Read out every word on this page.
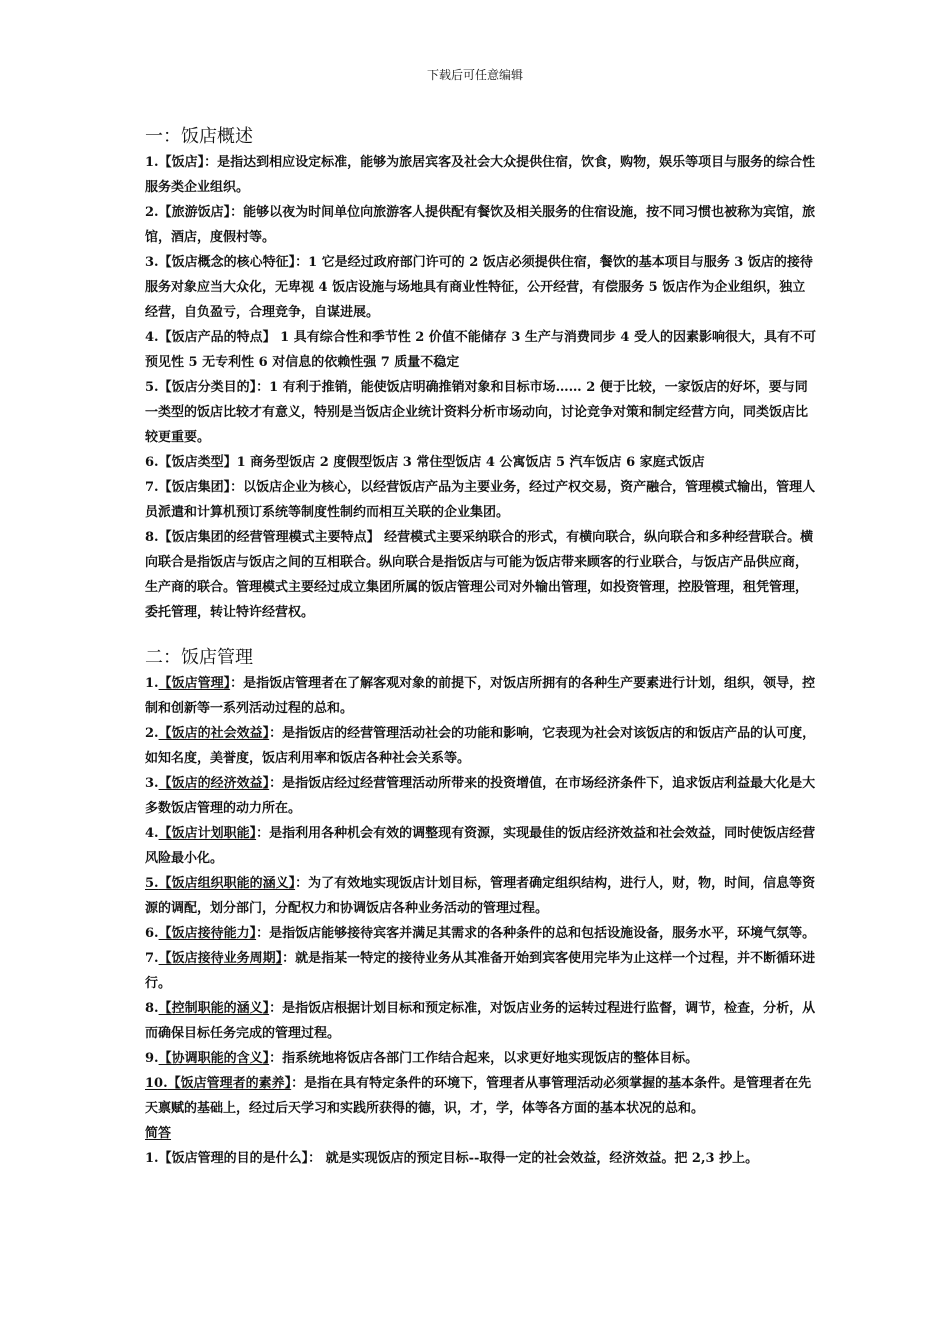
下载后可任意编辑
一：饭店概述

1.【饭店】：是指达到相应设定标准，能够为旅居宾客及社会大众提供住宿，饮食，购物，娱乐等项目与服务的综合性服务类企业组织。

2.【旅游饭店】：能够以夜为时间单位向旅游客人提供配有餐饮及相关服务的住宿设施，按不同习惯也被称为宾馆，旅馆，酒店，度假村等。

3.【饭店概念的核心特征】：1 它是经过政府部门许可的 2 饭店必须提供住宿，餐饮的基本项目与服务 3 饭店的接待服务对象应当大众化，无卑视 4 饭店设施与场地具有商业性特征，公开经营，有偿服务 5 饭店作为企业组织，独立经营，自负盈亏，合理竞争，自谋进展。

4.【饭店产品的特点】 1 具有综合性和季节性 2 价值不能储存 3 生产与消费同步 4 受人的因素影响很大，具有不可预见性 5 无专利性 6 对信息的依赖性强 7 质量不稳定

5.【饭店分类目的】：1 有利于推销，能使饭店明确推销对象和目标市场…… 2 便于比较，一家饭店的好坏，要与同一类型的饭店比较才有意义，特别是当饭店企业统计资料分析市场动向，讨论竞争对策和制定经营方向，同类饭店比较更重要。

6.【饭店类型】1 商务型饭店 2 度假型饭店 3 常住型饭店 4 公寓饭店 5 汽车饭店 6 家庭式饭店

7.【饭店集团】：以饭店企业为核心，以经营饭店产品为主要业务，经过产权交易，资产融合，管理模式输出，管理人员派遣和计算机预订系统等制度性制约而相互关联的企业集团。

8.【饭店集团的经营管理模式主要特点】 经营模式主要采纳联合的形式，有横向联合，纵向联合和多种经营联合。横向联合是指饭店与饭店之间的互相联合。纵向联合是指饭店与可能为饭店带来顾客的行业联合，与饭店产品供应商，生产商的联合。管理模式主要经过成立集团所属的饭店管理公司对外输出管理，如投资管理，控股管理，租凭管理，委托管理，转让特许经营权。

二：饭店管理

1.【饭店管理】：是指饭店管理者在了解客观对象的前提下，对饭店所拥有的各种生产要素进行计划，组织，领导，控制和创新等一系列活动过程的总和。

2.【饭店的社会效益】：是指饭店的经营管理活动社会的功能和影响，它表现为社会对该饭店的和饭店产品的认可度，如知名度，美誉度，饭店利用率和饭店各种社会关系等。

3.【饭店的经济效益】：是指饭店经过经营管理活动所带来的投资增值，在市场经济条件下，追求饭店利益最大化是大多数饭店管理的动力所在。

4.【饭店计划职能】：是指利用各种机会有效的调整现有资源，实现最佳的饭店经济效益和社会效益，同时使饭店经营风险最小化。

5.【饭店组织职能的涵义】：为了有效地实现饭店计划目标，管理者确定组织结构，进行人，财，物，时间，信息等资源的调配，划分部门，分配权力和协调饭店各种业务活动的管理过程。

6.【饭店接待能力】：是指饭店能够接待宾客并满足其需求的各种条件的总和包括设施设备，服务水平，环境气氛等。

7.【饭店接待业务周期】：就是指某一特定的接待业务从其准备开始到宾客使用完毕为止这样一个过程，并不断循环进行。

8.【控制职能的涵义】：是指饭店根据计划目标和预定标准，对饭店业务的运转过程进行监督，调节，检查，分析，从而确保目标任务完成的管理过程。

9.【协调职能的含义】：指系统地将饭店各部门工作结合起来，以求更好地实现饭店的整体目标。

10.【饭店管理者的素养】：是指在具有特定条件的环境下，管理者从事管理活动必须掌握的基本条件。是管理者在先天禀赋的基础上，经过后天学习和实践所获得的德，识，才，学，体等各方面的基本状况的总和。

简答

1.【饭店管理的目的是什么】： 就是实现饭店的预定目标--取得一定的社会效益，经济效益。把 2,3 抄上。
